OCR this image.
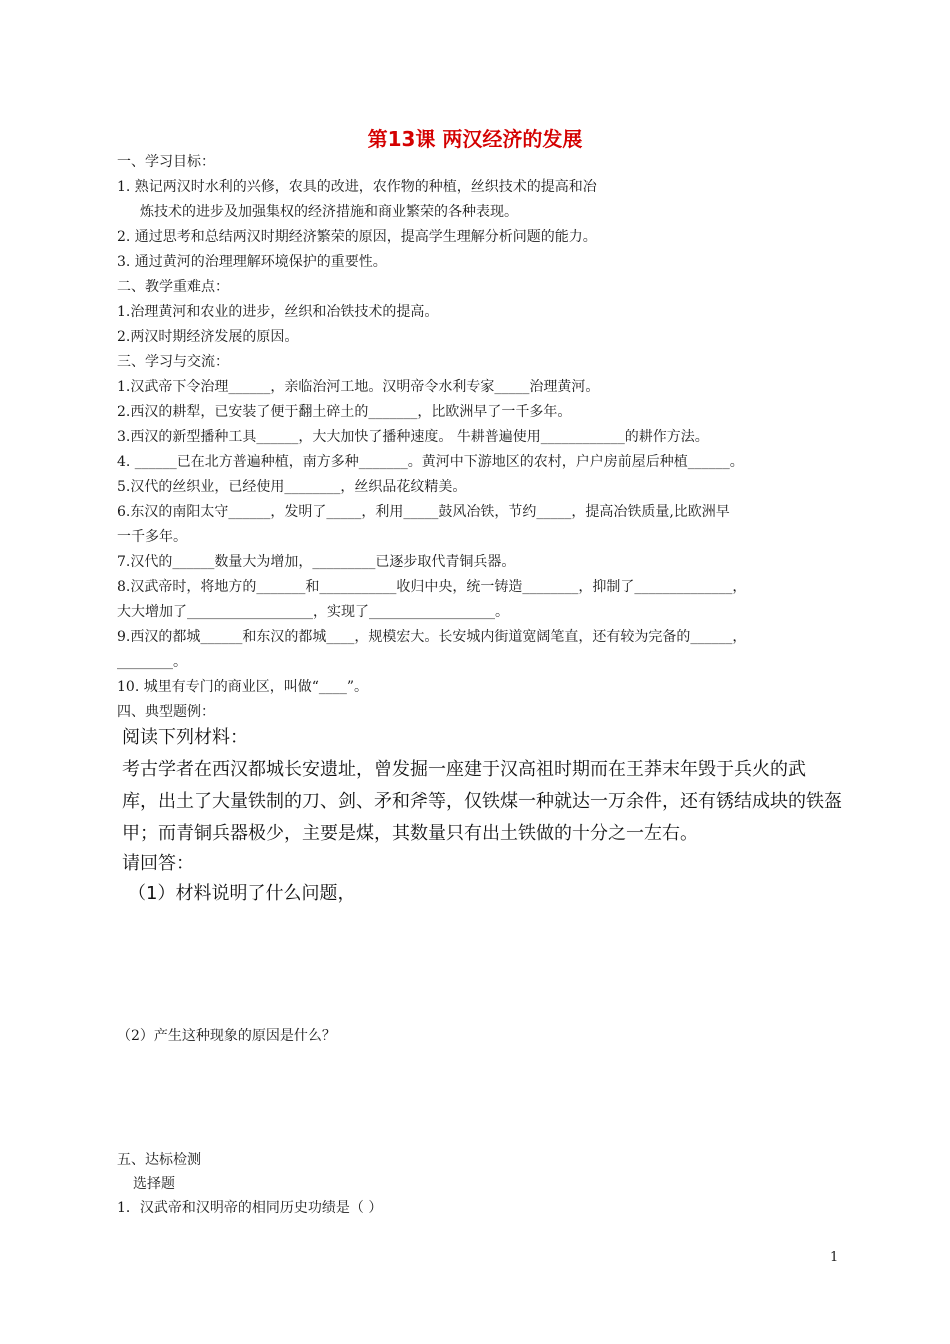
第13课 两汉经济的发展
一、学习目标：
1. 熟记两汉时水利的兴修，农具的改进，农作物的种植，丝织技术的提高和冶
炼技术的进步及加强集权的经济措施和商业繁荣的各种表现。
2. 通过思考和总结两汉时期经济繁荣的原因，提高学生理解分析问题的能力。
3. 通过黄河的治理理解环境保护的重要性。
二、教学重难点：
1.治理黄河和农业的进步，丝织和冶铁技术的提高。
2.两汉时期经济发展的原因。
三、学习与交流：
1.汉武帝下令治理______，亲临治河工地。汉明帝令水利专家_____治理黄河。
2.西汉的耕犁，已安装了便于翻土碎土的_______，比欧洲早了一千多年。
3.西汉的新型播种工具______，大大加快了播种速度。 牛耕普遍使用____________的耕作方法。
4. ______已在北方普遍种植，南方多种_______。黄河中下游地区的农村，户户房前屋后种植______。
5.汉代的丝织业，已经使用________，丝织品花纹精美。
6.东汉的南阳太守______，发明了_____，利用_____鼓风冶铁，节约_____，提高冶铁质量,比欧洲早
一千多年。
7.汉代的______数量大为增加，_________已逐步取代青铜兵器。
8.汉武帝时，将地方的_______和___________收归中央，统一铸造________，抑制了______________，
大大增加了__________________，实现了__________________。
9.西汉的都城______和东汉的都城____，规模宏大。长安城内街道宽阔笔直，还有较为完备的______，
________。
10. 城里有专门的商业区，叫做“____”。
四、典型题例：
阅读下列材料：
考古学者在西汉都城长安遗址，曾发掘一座建于汉高祖时期而在王莽末年毁于兵火的武
库，出土了大量铁制的刀、剑、矛和斧等，仅铁煤一种就达一万余件，还有锈结成块的铁盔
甲；而青铜兵器极少，主要是煤，其数量只有出土铁做的十分之一左右。
请回答：
（1）材料说明了什么问题，
（2）产生这种现象的原因是什么？
五、达标检测
选择题
1．汉武帝和汉明帝的相同历史功绩是（ ）
1
